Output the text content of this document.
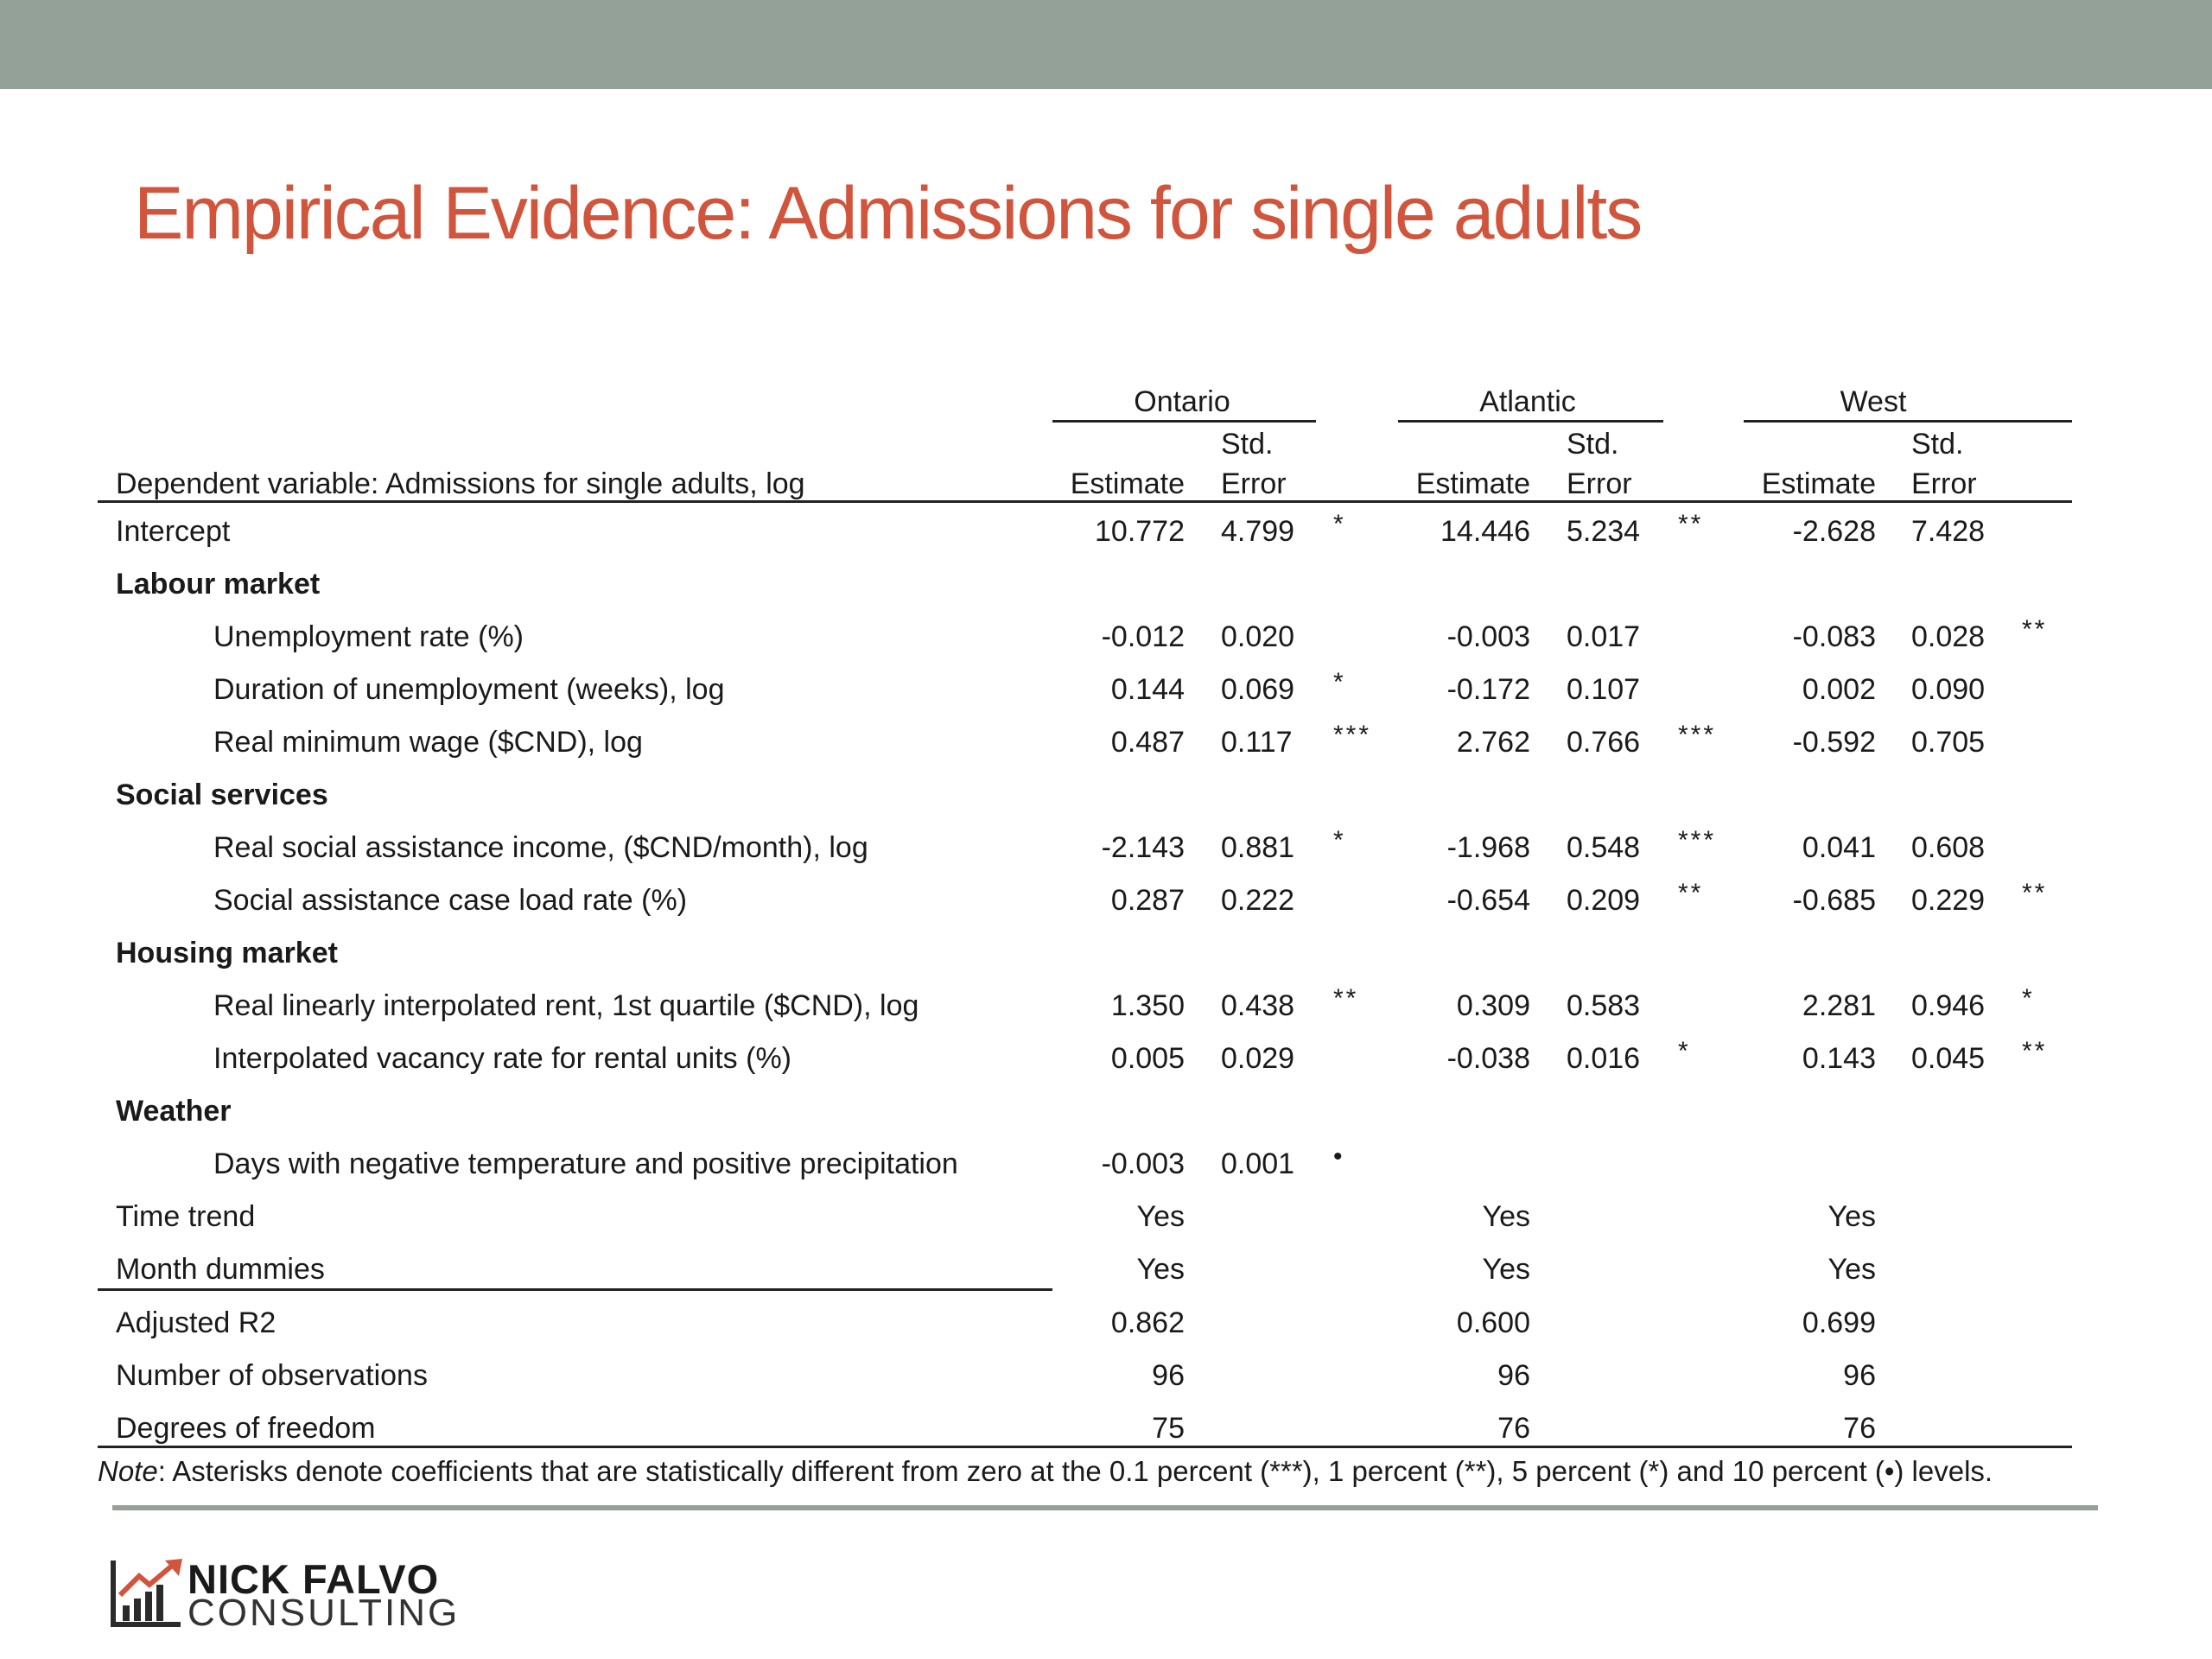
Empirical Evidence: Admissions for single adults
Ontario	Atlantic	West
Std.	Std.	Std.
Dependent variable: Admissions for single adults, log	Estimate Error	Estimate Error	Estimate Error
Intercept	10.772 4.799 *	14.446 5.234 **	-2.628 7.428
Labour market
Unemployment rate (%)	-0.012 0.020	-0.003 0.017	-0.083 0.028 **
Duration of unemployment (weeks), log	0.144 0.069 *	-0.172 0.107	0.002 0.090
Real minimum wage ($CND), log	0.487 0.117 ***	2.762 0.766 ***	-0.592 0.705
Social services
Real social assistance income, ($CND/month), log	-2.143 0.881 *	-1.968 0.548 ***	0.041 0.608
Social assistance case load rate (%)	0.287 0.222	-0.654 0.209 **	-0.685 0.229 **
Housing market
Real linearly interpolated rent, 1st quartile ($CND), log	1.350 0.438 **	0.309 0.583	2.281 0.946 *
Interpolated vacancy rate for rental units (%)	0.005 0.029	-0.038 0.016 *	0.143 0.045 **
Weather
Days with negative temperature and positive precipitation	-0.003 0.001 •
Time trend	Yes	Yes	Yes
Month dummies	Yes	Yes	Yes
Adjusted R2	0.862	0.600	0.699
Number of observations	96	96	96
Degrees of freedom	75	76	76
Note: Asterisks denote coefficients that are statistically different from zero at the 0.1 percent (***), 1 percent (**), 5 percent (*) and 10 percent (•) levels.
NICK FALVO
CONSULTING
